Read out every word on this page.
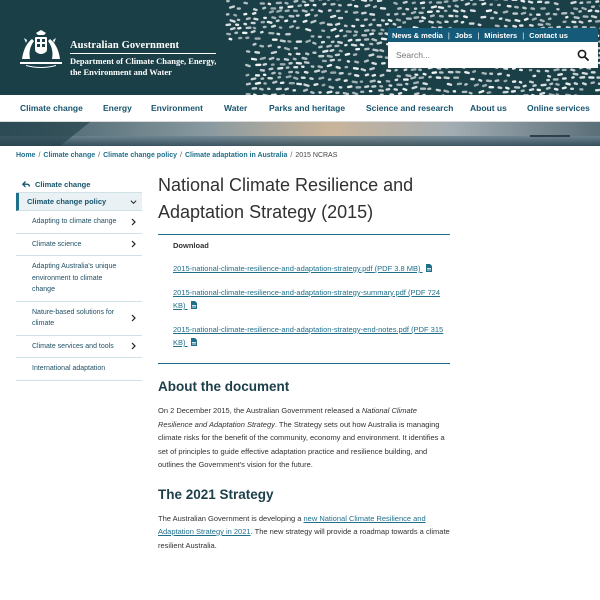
Australian Government
Department of Climate Change, Energy,
the Environment and Water
News & media | Jobs | Ministers | Contact us
Search...
Climate change Energy Environment Water	Parks and heritage Science and research About us Online services
Home / Climate change / Climate change policy / Climate adaptation in Australia / 2015 NCRAS
Climate change
Climate change policy
Adapting to climate change
Climate science
Adapting Australia's unique environment to climate change
Nature-based solutions for climate
Climate services and tools
International adaptation
National Climate Resilience and Adaptation Strategy (2015)
Download
2015-national-climate-resilience-and-adaptation-strategy.pdf (PDF 3.8 MB)
2015-national-climate-resilience-and-adaptation-strategy-summary.pdf (PDF 724 KB)
2015-national-climate-resilience-and-adaptation-strategy-end-notes.pdf (PDF 315 KB)
About the document

On 2 December 2015, the Australian Government released a National Climate Resilience and Adaptation Strategy. The Strategy sets out how Australia is managing climate risks for the benefit of the community, economy and environment. It identifies a set of principles to guide effective adaptation practice and resilience building, and outlines the Government's vision for the future.

The 2021 Strategy

The Australian Government is developing a new National Climate Resilience and Adaptation Strategy in 2021. The new strategy will provide a roadmap towards a climate resilient Australia.
